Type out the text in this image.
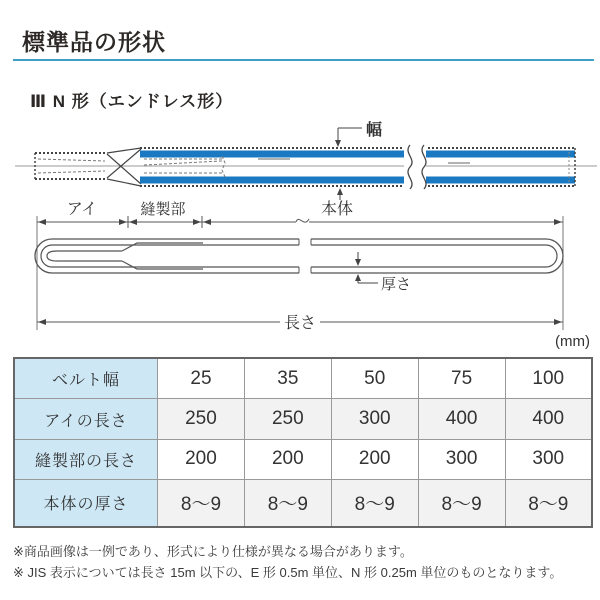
標準品の形状
Ⅲ N 形（エンドレス形）
幅
アイ	縫製部	本体
厚さ
長さ
(mm)
ベルト幅	25	35	50	75	100
アイの長さ	250	250	300	400	400
縫製部の長さ	200	200	200	300	300
本体の厚さ	8～9	8～9	8～9	8～9	8～9
※商品画像は一例であり、形式により仕様が異なる場合があります。
※ JIS 表示については長さ 15m 以下の、E 形 0.5m 単位、N 形 0.25m 単位のものとなります。
